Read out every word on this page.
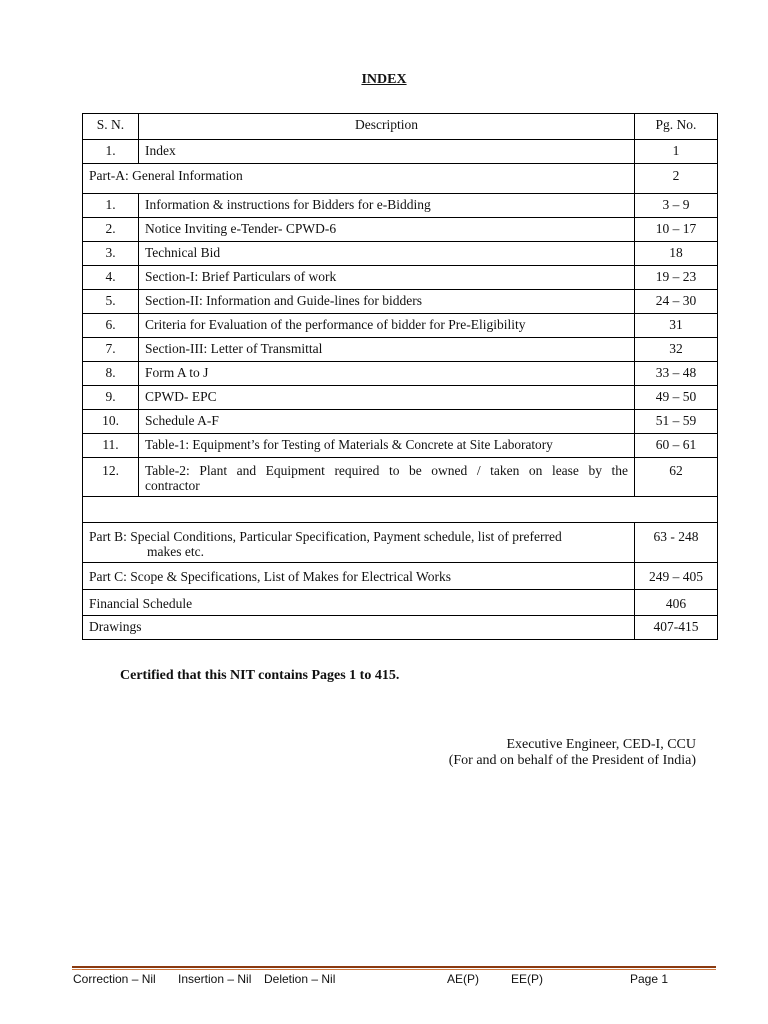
INDEX
S. N.	Description	Pg. No.
1.	Index	1
Part-A: General Information		2
1.	Information & instructions for Bidders for e-Bidding	3 – 9
2.	Notice Inviting e-Tender- CPWD-6	10 – 17
3.	Technical Bid	18
4.	Section-I: Brief Particulars of work	19 – 23
5.	Section-II: Information and Guide-lines for bidders	24 – 30
6.	Criteria for Evaluation of the performance of bidder for Pre-Eligibility	31
7.	Section-III: Letter of Transmittal	32
8.	Form A to J	33 – 48
9.	CPWD- EPC	49 – 50
10.	Schedule A-F	51 – 59
11.	Table-1: Equipment’s for Testing of Materials & Concrete at Site Laboratory	60 – 61
12.	Table-2: Plant and Equipment required to be owned / taken on lease by the
contractor	62

Part B: Special Conditions, Particular Specification, Payment schedule, list of preferred
makes etc.		63 - 248
Part C: Scope & Specifications, List of Makes for Electrical Works		249 – 405
Financial Schedule		406
Drawings		407-415
Certified that this NIT contains Pages 1 to 415.
Executive Engineer, CED-I, CCU
(For and on behalf of the President of India)
Correction – Nil Insertion – Nil Deletion – Nil	AE(P)	EE(P)	Page 1
